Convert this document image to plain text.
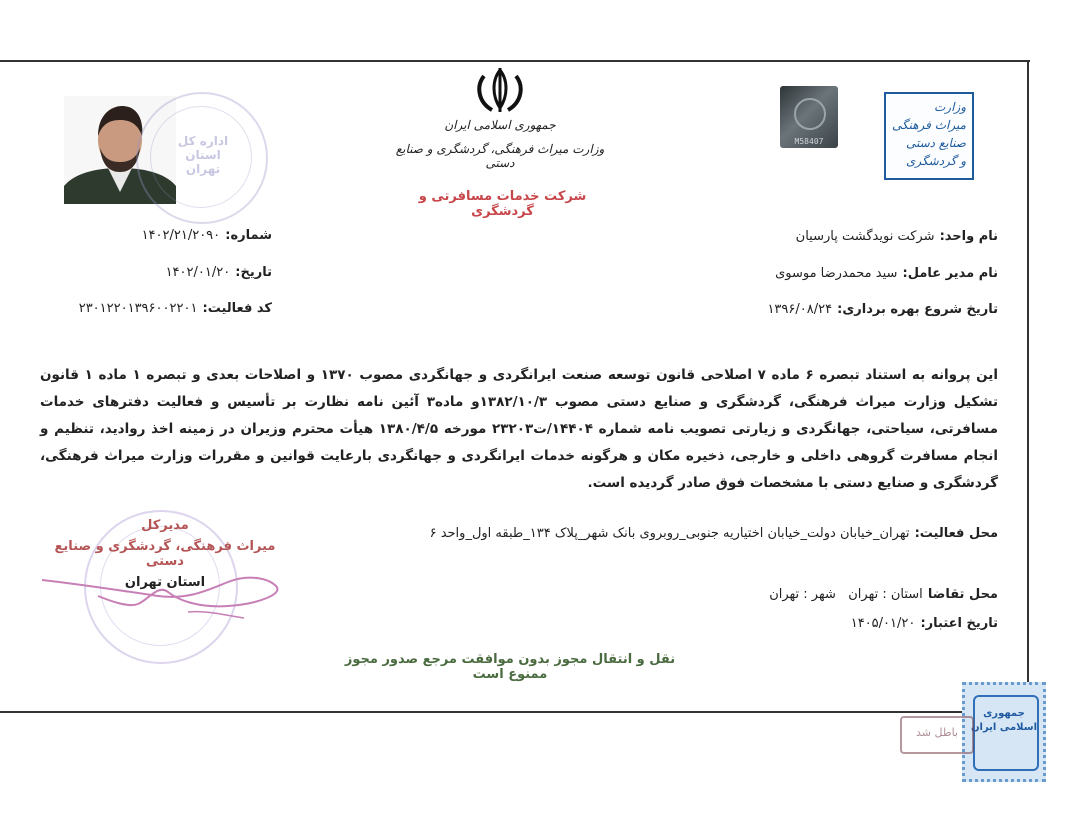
جمهوری اسلامی ایران
وزارت میراث فرهنگی، گردشگری و صنایع دستی
شرکت خدمات مسافرتی و گردشگری
وزارت
میراث فرهنگی
صنایع دستی
و گردشگری
M58407
اداره کل استان تهران
شماره: ۱۴۰۲/۲۱/۲۰۹۰
تاریخ: ۱۴۰۲/۰۱/۲۰
کد فعالیت: ۲۳۰۱۲۲۰۱۳۹۶۰۰۲۲۰۱
نام واحد: شرکت نویدگشت پارسیان
نام مدیر عامل: سید محمدرضا موسوی
تاریخ شروع بهره برداری: ۱۳۹۶/۰۸/۲۴
این پروانه به استناد تبصره ۶ ماده ۷ اصلاحی قانون توسعه صنعت ایرانگردی و جهانگردی مصوب ۱۳۷۰ و اصلاحات بعدی و تبصره ۱ ماده ۱ قانون تشکیل وزارت میراث فرهنگی، گردشگری و صنایع دستی مصوب ۱۳۸۲/۱۰/۳و ماده۳ آئین نامه نظارت بر تأسیس و فعالیت دفترهای خدمات مسافرتی، سیاحتی، جهانگردی و زیارتی تصویب نامه شماره ۱۴۴۰۴/ت۲۳۲۰۳ مورخه ۱۳۸۰/۴/۵ هیأت محترم وزیران در زمینه اخذ روادید، تنظیم و انجام مسافرت گروهی داخلی و خارجی، ذخیره مکان و هرگونه خدمات ایرانگردی و جهانگردی بارعایت قوانین و مقررات وزارت میراث فرهنگی، گردشگری و صنایع دستی با مشخصات فوق صادر گردیده است.
محل فعالیت: تهران_خیابان دولت_خیابان اختیاریه جنوبی_روبروی بانک شهر_پلاک ۱۳۴_طبقه اول_واحد ۶
محل تقاضا استان : تهران   شهر : تهران
تاریخ اعتبار: ۱۴۰۵/۰۱/۲۰
مدیرکل
میراث فرهنگی، گردشگری و صنایع دستی
استان تهران
نقل و انتقال مجوز بدون موافقت مرجع صدور مجوز ممنوع است
جمهوری اسلامی ایران
باطل شد
